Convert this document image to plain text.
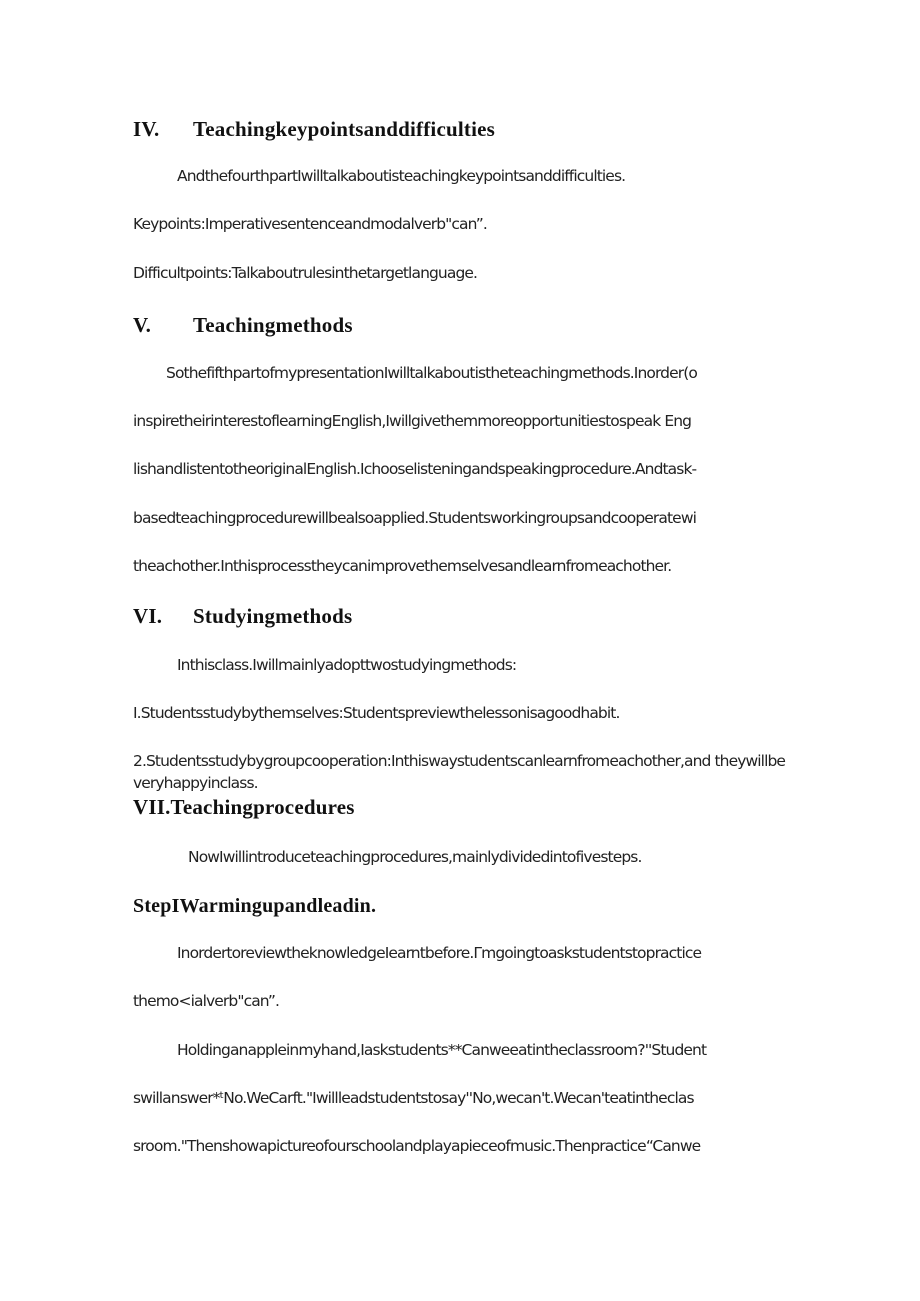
IV. Teachingkeypointsanddifficulties

AndthefourthpartIwilltalkaboutisteachingkeypointsanddifficulties.

Keypoints:Imperativesentenceandmodalverb"can”.

Difficultpoints:Talkaboutrulesinthetargetlanguage.

V. Teachingmethods

SothefifthpartofmypresentationIwilltalkaboutistheteachingmethods.Inorder(o

inspiretheirinterestoflearningEnglish,Iwillgivethemmoreopportunitiestospeak Eng

lishandlistentotheoriginalEnglish.Ichooselisteningandspeakingprocedure.Andtask-

basedteachingprocedurewillbealsoapplied.Studentsworkingroupsandcooperatewi

theachother.Inthisprocesstheycanimprovethemselvesandlearnfromeachother.

VI. Studyingmethods

Inthisclass.Iwillmainlyadopttwostudyingmethods:

I.Studentsstudybythemselves:Studentspreviewthelessonisagoodhabit.

2.Studentsstudybygroupcooperation:Inthiswaystudentscanlearnfromeachother,and theywillbeveryhappyinclass.

VII.Teachingprocedures

NowIwillintroduceteachingprocedures,mainlydividedintofivesteps.

StepIWarmingupandleadin.

InordertoreviewtheknowledgeIearntbefore.Γmgoingtoaskstudentstopractice

themo<ialverb"can”.

Holdinganappleinmyhand,Iaskstudents**Canweeatintheclassroom?''Student

swillanswer*ᵗNo.WeCarft."Iwillleadstudentstosay''No,wecan't.Wecan'teatintheclas

sroom."Thenshowapictureofourschoolandplayapieceofmusic.Thenpractice“Canwe
